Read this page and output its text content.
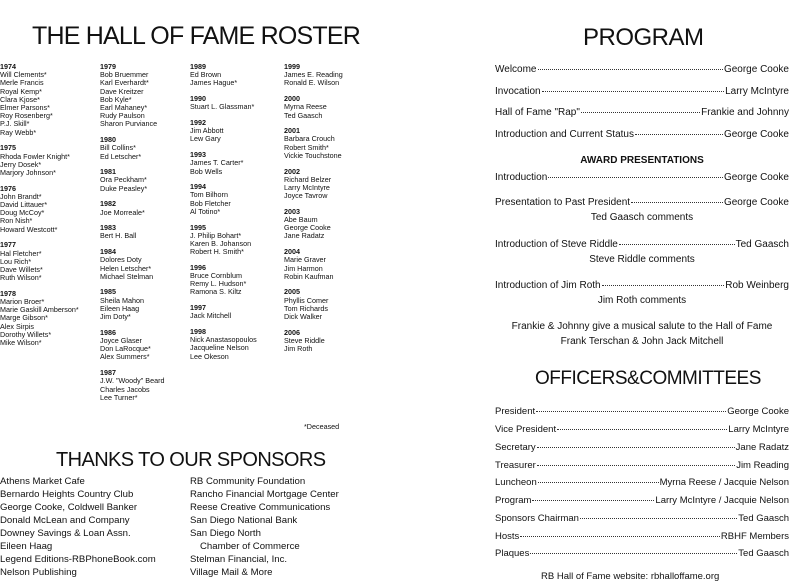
THE HALL OF FAME ROSTER
1974
Will Clements*
Merle Francis
Royal Kemp*
Clara Kjose*
Elmer Parsons*
Roy Rosenberg*
P.J. Skill*
Ray Webb*
1975
Rhoda Fowler Knight*
Jerry Dosek*
Marjory Johnson*
1976
John Brandt*
David Littauer*
Doug McCoy*
Ron Nish*
Howard Westcott*
1977
Hal Fletcher*
Lou Rich*
Dave Willets*
Ruth Wilson*
1978
Marion Broer*
Marie Gaskill Amberson*
Marge Gibson*
Alex Sirpis
Dorothy Willets*
Mike Wilson*
1979
Bob Bruemmer
Karl Everhardt*
Dave Kreitzer
Bob Kyle*
Earl Mahaney*
Rudy Paulson
Sharon Purviance
1980
Bill Collins*
Ed Letscher*
1981
Ora Peckham*
Duke Peasley*
1982
Joe Morreale*
1983
Bert H. Ball
1984
Dolores Doty
Helen Letscher*
Michael Stelman
1985
Sheila Mahon
Eileen Haag
Jim Doty*
1986
Joyce Glaser
Don LaRocque*
Alex Summers*
1987
J.W. "Woody" Beard
Charles Jacobs
Lee Turner*
1989
Ed Brown
James Hague*
1990
Stuart L. Glassman*
1992
Jim Abbott
Lew Gary
1993
James T. Carter*
Bob Wells
1994
Tom Bilhorn
Bob Fletcher
Al Totino*
1995
J. Philip Bohart*
Karen B. Johanson
Robert H. Smith*
1996
Bruce Cornblum
Remy L. Hudson*
Ramona S. Kiltz
1997
Jack Mitchell
1998
Nick Anastasopoulos
Jacqueline Nelson
Lee Okeson
1999
James E. Reading
Ronald E. Wilson
2000
Myrna Reese
Ted Gaasch
2001
Barbara Crouch
Robert Smith*
Vickie Touchstone
2002
Richard Belzer
Larry McIntyre
Joyce Tavrow
2003
Abe Baum
George Cooke
Jane Radatz
2004
Marie Graver
Jim Harmon
Robin Kaufman
2005
Phyllis Comer
Tom Richards
Dick Walker
2006
Steve Riddle
Jim Roth
*Deceased
THANKS TO OUR SPONSORS
Athens Market Cafe
Bernardo Heights Country Club
George Cooke, Coldwell Banker
Donald McLean and Company
Downey Savings & Loan Assn.
Eileen Haag
Legend Editions-RBPhoneBook.com
Nelson Publishing
RB Community Foundation
Rancho Financial Mortgage Center
Reese Creative Communications
San Diego National Bank
San Diego North
Chamber of Commerce
Stelman Financial, Inc.
Village Mail & More
PROGRAM
Welcome	George Cooke
Invocation	Larry McIntyre
Hall of Fame "Rap"	Frankie and Johnny
Introduction and Current Status	George Cooke
AWARD PRESENTATIONS
Introduction	George Cooke
Presentation to Past President	George Cooke
Ted Gaasch comments
Introduction of Steve Riddle	Ted Gaasch
Steve Riddle comments
Introduction of Jim Roth	Rob Weinberg
Jim Roth comments
Frankie & Johnny give a musical salute to the Hall of Fame
Frank Terschan & John Jack Mitchell
OFFICERS&COMMITTEES
President	George Cooke
Vice President	Larry McIntyre
Secretary	Jane Radatz
Treasurer	Jim Reading
Luncheon	Myrna Reese / Jacquie Nelson
Program	Larry McIntyre / Jacquie Nelson
Sponsors Chairman	Ted Gaasch
Hosts	RBHF Members
Plaques	Ted Gaasch
RB Hall of Fame website: rbhalloffame.org
